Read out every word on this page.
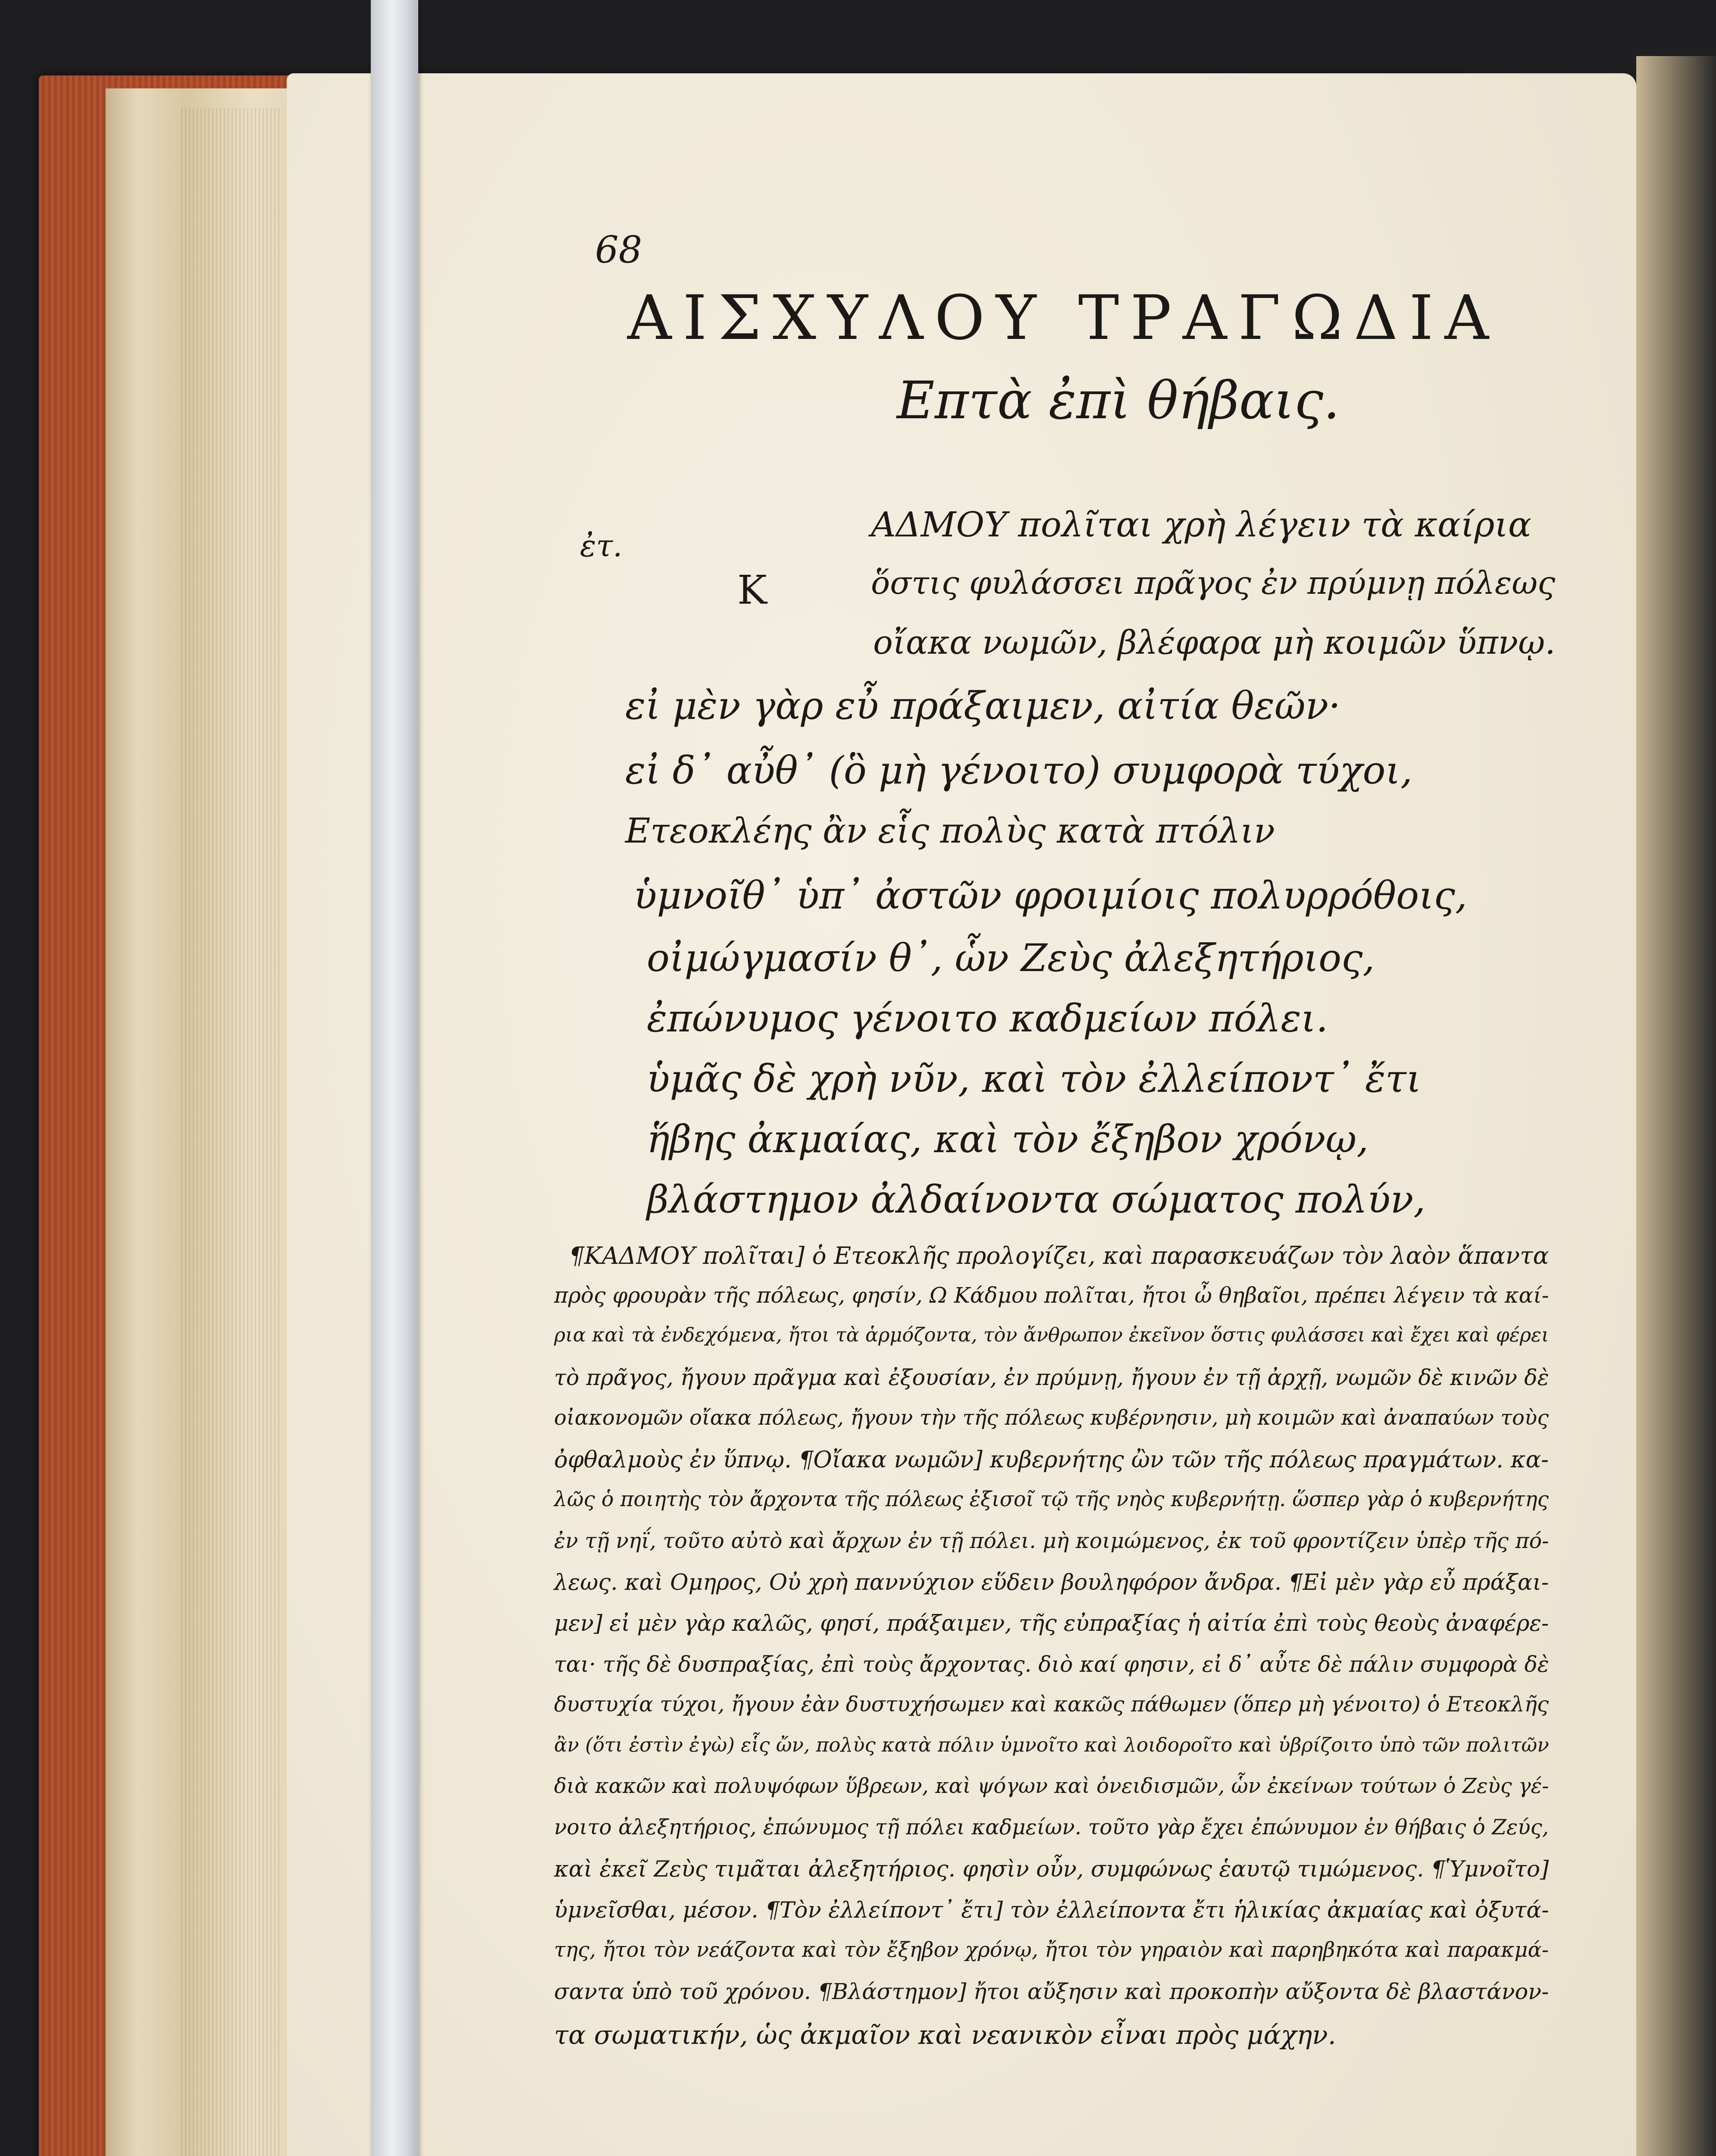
68
ΑΙΣΧΥΛΟΥ ΤΡΑΓΩΔΙΑ
Επτὰ ἐπὶ θήβαις.
ἐτ.
K
ΑΔΜΟΥ πολῖται χρὴ λέγειν τὰ καίρια
ὅστις φυλάσσει πρᾶγος ἐν πρύμνῃ πόλεως
οἴακα νωμῶν, βλέφαρα μὴ κοιμῶν ὕπνῳ.
εἰ μὲν γὰρ εὖ πράξαιμεν, αἰτία θεῶν·
εἰ δ᾽ αὖθ᾽ (ὃ μὴ γένοιτο) συμφορὰ τύχοι,
Ετεοκλέης ἂν εἷς πολὺς κατὰ πτόλιν
ὑμνοῖθ᾽ ὑπ᾽ ἀστῶν φροιμίοις πολυρρόθοις,
οἰμώγμασίν θ᾽, ὧν Ζεὺς ἀλεξητήριος,
ἐπώνυμος γένοιτο καδμείων πόλει.
ὑμᾶς δὲ χρὴ νῦν, καὶ τὸν ἐλλείποντ᾽ ἔτι
ἥβης ἀκμαίας, καὶ τὸν ἔξηβον χρόνῳ,
βλάστημον ἀλδαίνοντα σώματος πολύν,
¶ΚΑΔΜΟΥ πολῖται] ὁ Ετεοκλῆς προλογίζει, καὶ παρασκευάζων τὸν λαὸν ἅπαντα
πρὸς φρουρὰν τῆς πόλεως, φησίν, Ω Κάδμου πολῖται, ἤτοι ὦ θηβαῖοι, πρέπει λέγειν τὰ καί-
ρια καὶ τὰ ἐνδεχόμενα, ἤτοι τὰ ἁρμόζοντα, τὸν ἄνθρωπον ἐκεῖνον ὅστις φυλάσσει καὶ ἔχει καὶ φέρει
τὸ πρᾶγος, ἤγουν πρᾶγμα καὶ ἐξουσίαν, ἐν πρύμνῃ, ἤγουν ἐν τῇ ἀρχῇ, νωμῶν δὲ κινῶν δὲ
οἰακονομῶν οἴακα πόλεως, ἤγουν τὴν τῆς πόλεως κυβέρνησιν, μὴ κοιμῶν καὶ ἀναπαύων τοὺς
ὀφθαλμοὺς ἐν ὕπνῳ. ¶Οἴακα νωμῶν] κυβερνήτης ὢν τῶν τῆς πόλεως πραγμάτων. κα-
λῶς ὁ ποιητὴς τὸν ἄρχοντα τῆς πόλεως ἐξισοῖ τῷ τῆς νηὸς κυβερνήτῃ. ὥσπερ γὰρ ὁ κυβερνήτης
ἐν τῇ νηΐ, τοῦτο αὐτὸ καὶ ἄρχων ἐν τῇ πόλει. μὴ κοιμώμενος, ἐκ τοῦ φροντίζειν ὑπὲρ τῆς πό-
λεως. καὶ Ομηρος, Οὐ χρὴ παννύχιον εὕδειν βουληφόρον ἄνδρα. ¶Εἰ μὲν γὰρ εὖ πράξαι-
μεν] εἰ μὲν γὰρ καλῶς, φησί, πράξαιμεν, τῆς εὐπραξίας ἡ αἰτία ἐπὶ τοὺς θεοὺς ἀναφέρε-
ται· τῆς δὲ δυσπραξίας, ἐπὶ τοὺς ἄρχοντας. διὸ καί φησιν, εἰ δ᾽ αὖτε δὲ πάλιν συμφορὰ δὲ
δυστυχία τύχοι, ἤγουν ἐὰν δυστυχήσωμεν καὶ κακῶς πάθωμεν (ὅπερ μὴ γένοιτο) ὁ Ετεοκλῆς
ἂν (ὅτι ἐστὶν ἐγὼ) εἷς ὤν, πολὺς κατὰ πόλιν ὑμνοῖτο καὶ λοιδοροῖτο καὶ ὑβρίζοιτο ὑπὸ τῶν πολιτῶν
διὰ κακῶν καὶ πολυψόφων ὕβρεων, καὶ ψόγων καὶ ὀνειδισμῶν, ὧν ἐκείνων τούτων ὁ Ζεὺς γέ-
νοιτο ἀλεξητήριος, ἐπώνυμος τῇ πόλει καδμείων. τοῦτο γὰρ ἔχει ἐπώνυμον ἐν θήβαις ὁ Ζεύς,
καὶ ἐκεῖ Ζεὺς τιμᾶται ἀλεξητήριος. φησὶν οὖν, συμφώνως ἑαυτῷ τιμώμενος. ¶Ὑμνοῖτο]
ὑμνεῖσθαι, μέσον. ¶Τὸν ἐλλείποντ᾽ ἔτι] τὸν ἐλλείποντα ἔτι ἡλικίας ἀκμαίας καὶ ὀξυτά-
της, ἤτοι τὸν νεάζοντα καὶ τὸν ἔξηβον χρόνῳ, ἤτοι τὸν γηραιὸν καὶ παρηβηκότα καὶ παρακμά-
σαντα ὑπὸ τοῦ χρόνου. ¶Βλάστημον] ἤτοι αὔξησιν καὶ προκοπὴν αὔξοντα δὲ βλαστάνον-
τα σωματικήν, ὡς ἀκμαῖον καὶ νεανικὸν εἶναι πρὸς μάχην.
